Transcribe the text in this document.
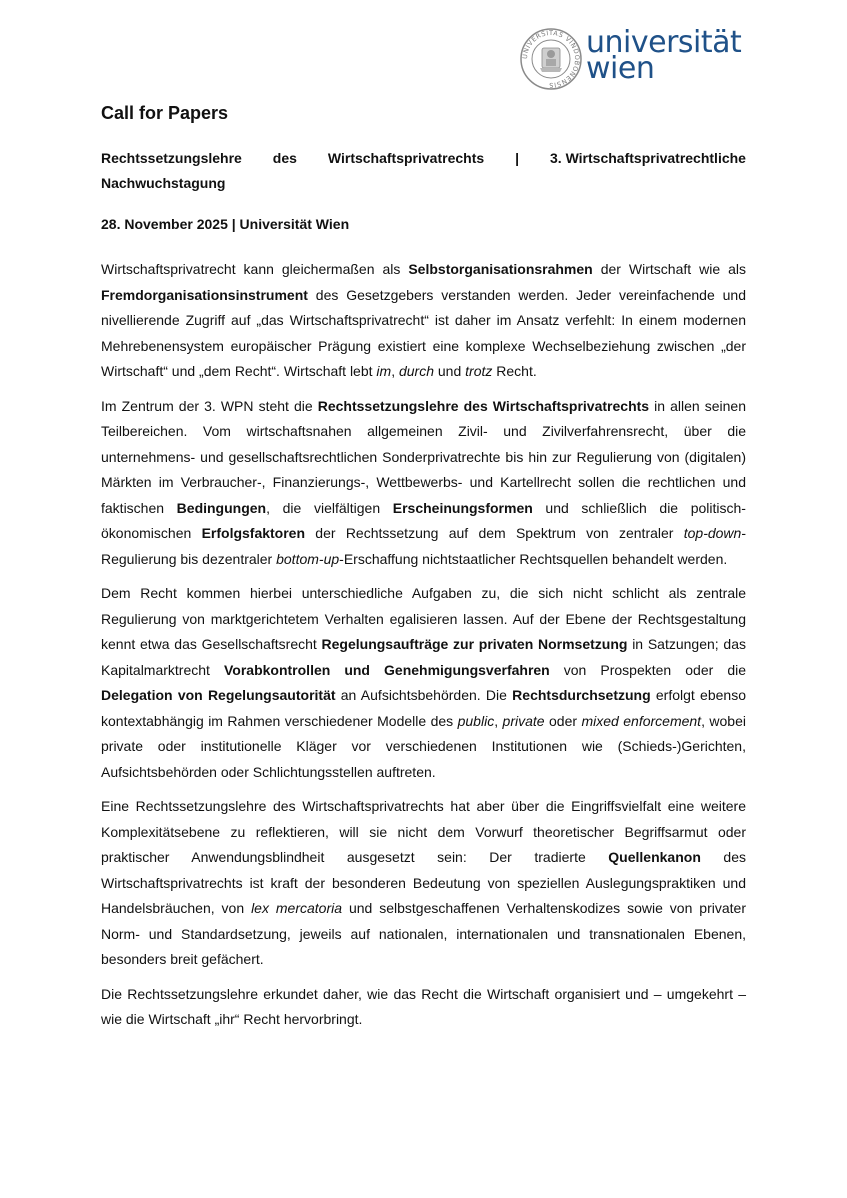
UNIVERSITAS VINDOBONENSIS
universität
wien
Call for Papers
Rechtssetzungslehre des Wirtschaftsprivatrechts | 3. Wirtschaftsprivatrechtliche
Nachwuchstagung

28. November 2025 | Universität Wien

Wirtschaftsprivatrecht kann gleichermaßen als Selbstorganisationsrahmen der Wirtschaft wie als Fremdorganisationsinstrument des Gesetzgebers verstanden werden. Jeder vereinfachende und nivellierende Zugriff auf „das Wirtschaftsprivatrecht“ ist daher im Ansatz verfehlt: In einem modernen Mehrebenensystem europäischer Prägung existiert eine komplexe Wechselbeziehung zwischen „der Wirtschaft“ und „dem Recht“. Wirtschaft lebt im, durch und trotz Recht.

Im Zentrum der 3. WPN steht die Rechtssetzungslehre des Wirtschaftsprivatrechts in allen seinen Teilbereichen. Vom wirtschaftsnahen allgemeinen Zivil- und Zivilverfahrensrecht, über die unternehmens- und gesellschaftsrechtlichen Sonderprivatrechte bis hin zur Regulierung von (digitalen) Märkten im Verbraucher-, Finanzierungs-, Wettbewerbs- und Kartellrecht sollen die rechtlichen und faktischen Bedingungen, die vielfältigen Erscheinungsformen und schließlich die politisch-ökonomischen Erfolgsfaktoren der Rechtssetzung auf dem Spektrum von zentraler top-down-Regulierung bis dezentraler bottom-up-Erschaffung nichtstaatlicher Rechtsquellen behandelt werden.

Dem Recht kommen hierbei unterschiedliche Aufgaben zu, die sich nicht schlicht als zentrale Regulierung von marktgerichtetem Verhalten egalisieren lassen. Auf der Ebene der Rechtsgestaltung kennt etwa das Gesellschaftsrecht Regelungsaufträge zur privaten Normsetzung in Satzungen; das Kapitalmarktrecht Vorabkontrollen und Genehmigungsverfahren von Prospekten oder die Delegation von Regelungsautorität an Aufsichtsbehörden. Die Rechtsdurchsetzung erfolgt ebenso kontextabhängig im Rahmen verschiedener Modelle des public, private oder mixed enforcement, wobei private oder institutionelle Kläger vor verschiedenen Institutionen wie (Schieds-)Gerichten, Aufsichtsbehörden oder Schlichtungsstellen auftreten.

Eine Rechtssetzungslehre des Wirtschaftsprivatrechts hat aber über die Eingriffsvielfalt eine weitere Komplexitätsebene zu reflektieren, will sie nicht dem Vorwurf theoretischer Begriffsarmut oder praktischer Anwendungsblindheit ausgesetzt sein: Der tradierte Quellenkanon des Wirtschaftsprivatrechts ist kraft der besonderen Bedeutung von speziellen Auslegungspraktiken und Handelsbräuchen, von lex mercatoria und selbstgeschaffenen Verhaltenskodizes sowie von privater Norm- und Standardsetzung, jeweils auf nationalen, internationalen und transnationalen Ebenen, besonders breit gefächert.

Die Rechtssetzungslehre erkundet daher, wie das Recht die Wirtschaft organisiert und – umgekehrt – wie die Wirtschaft „ihr“ Recht hervorbringt.
